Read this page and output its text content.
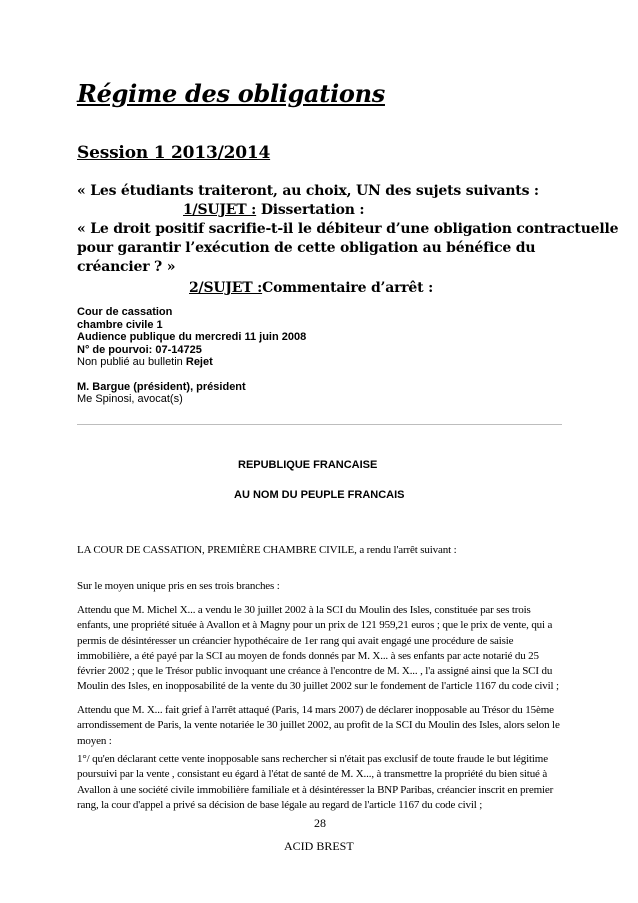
Régime des obligations
Session 1 2013/2014
« Les étudiants traiteront, au choix, UN des sujets suivants :
1/SUJET : Dissertation :
« Le droit positif sacrifie-t-il le débiteur d’une obligation contractuelle
pour garantir l’exécution de cette obligation au bénéfice du
créancier ? »
2/SUJET :Commentaire d’arrêt :
Cour de cassation
chambre civile 1
Audience publique du mercredi 11 juin 2008
N° de pourvoi: 07-14725
Non publié au bulletin Rejet
M. Bargue (président), président
Me Spinosi, avocat(s)
REPUBLIQUE FRANCAISE
AU NOM DU PEUPLE FRANCAIS
LA COUR DE CASSATION, PREMIÈRE CHAMBRE CIVILE, a rendu l'arrêt suivant :
Sur le moyen unique pris en ses trois branches :
Attendu que M. Michel X... a vendu le 30 juillet 2002 à la SCI du Moulin des Isles, constituée par ses trois enfants, une propriété située à Avallon et à Magny pour un prix de 121 959,21 euros ; que le prix de vente, qui a permis de désintéresser un créancier hypothécaire de 1er rang qui avait engagé une procédure de saisie immobilière, a été payé par la SCI au moyen de fonds donnés par M. X... à ses enfants par acte notarié du 25 février 2002 ; que le Trésor public invoquant une créance à l'encontre de M. X... , l'a assigné ainsi que la SCI du Moulin des Isles, en inopposabilité de la vente du 30 juillet 2002 sur le fondement de l'article 1167 du code civil ;
Attendu que M. X... fait grief à l'arrêt attaqué (Paris, 14 mars 2007) de déclarer inopposable au Trésor du 15ème arrondissement de Paris, la vente notariée le 30 juillet 2002, au profit de la SCI du Moulin des Isles, alors selon le moyen :
1°/ qu'en déclarant cette vente inopposable sans rechercher si n'était pas exclusif de toute fraude le but légitime poursuivi par la vente , consistant eu égard à l'état de santé de M. X..., à transmettre la propriété du bien situé à Avallon à une société civile immobilière familiale et à désintéresser la BNP Paribas, créancier inscrit en premier rang, la cour d'appel a privé sa décision de base légale au regard de l'article 1167 du code civil ;
28
ACID BREST
